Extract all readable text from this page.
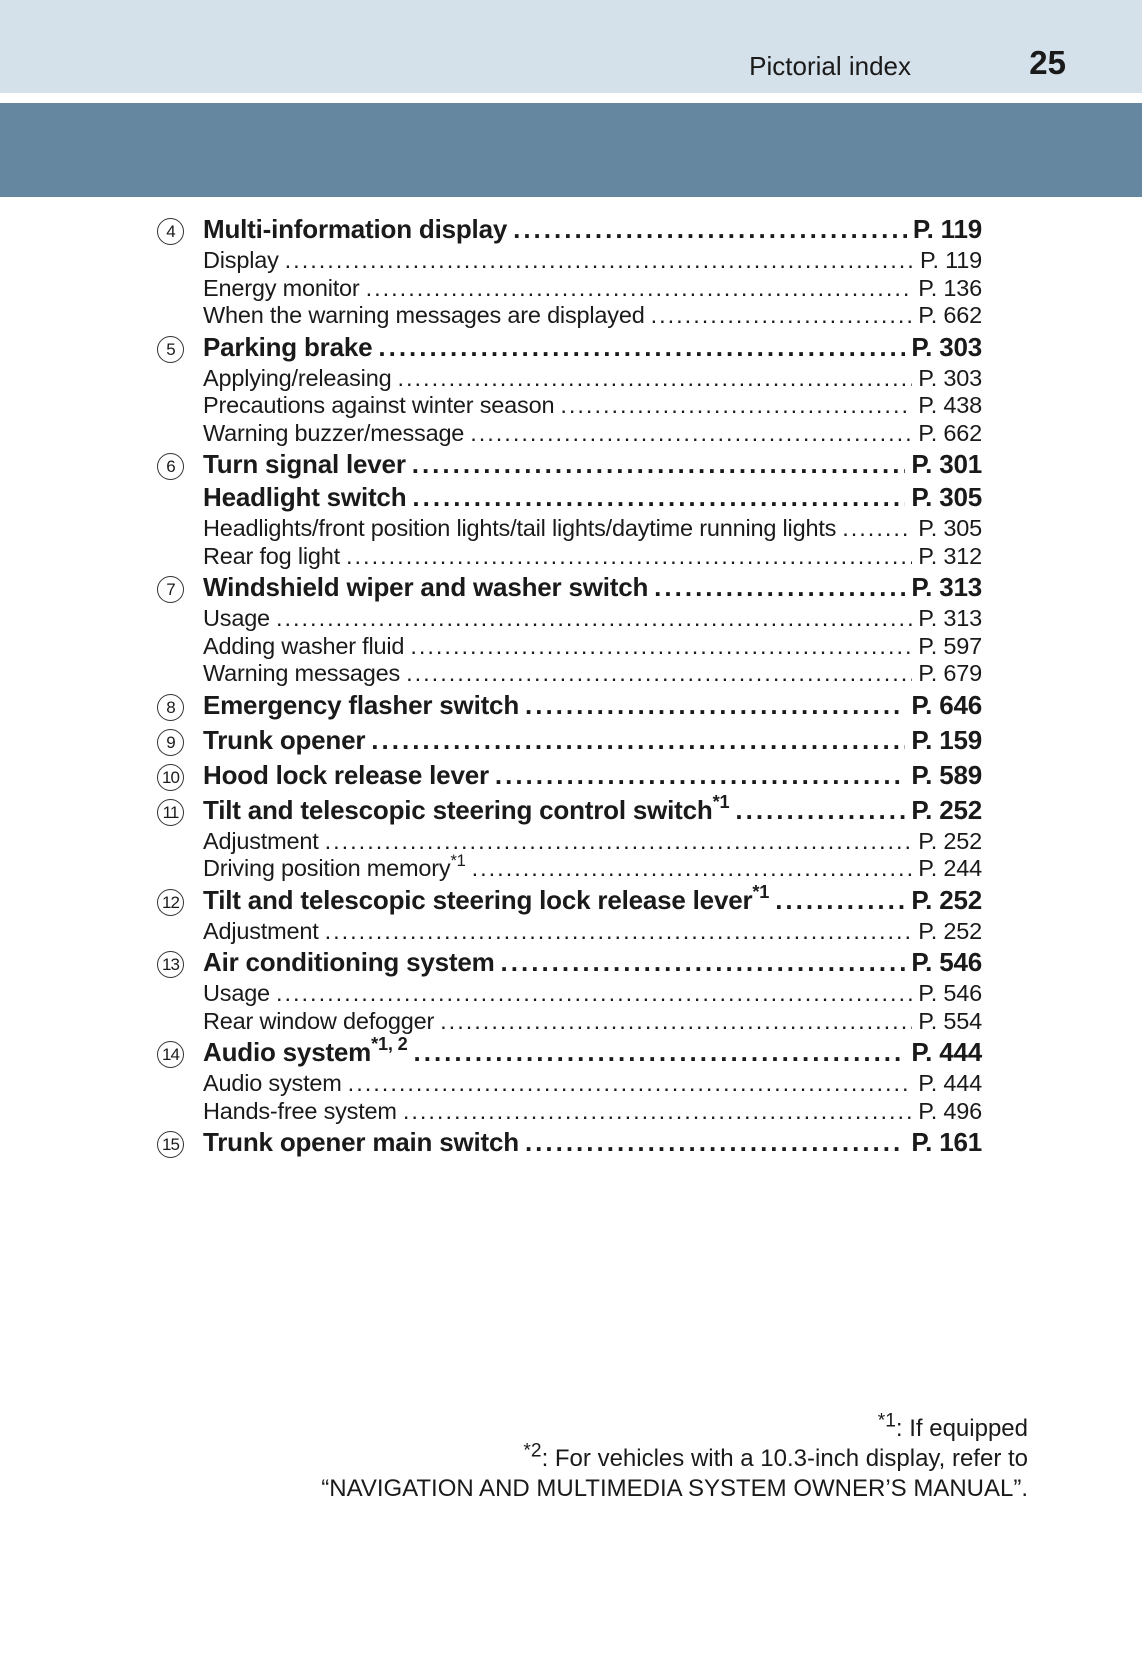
Pictorial index	25
4	Multi-information display .....	P. 119
Display .....	P. 119
Energy monitor .....	P. 136
When the warning messages are displayed .....	P. 662
5	Parking brake .....	P. 303
Applying/releasing .....	P. 303
Precautions against winter season .....	P. 438
Warning buzzer/message .....	P. 662
6	Turn signal lever .....	P. 301
Headlight switch .....	P. 305
Headlights/front position lights/tail lights/daytime running lights .....	P. 305
Rear fog light .....	P. 312
7	Windshield wiper and washer switch .....	P. 313
Usage .....	P. 313
Adding washer fluid .....	P. 597
Warning messages .....	P. 679
8	Emergency flasher switch .....	P. 646
9	Trunk opener .....	P. 159
10 Hood lock release lever .....	P. 589
11 Tilt and telescopic steering control switch$^{*1}$ .....	P. 252
Adjustment .....	P. 252
Driving position memory$^{*1}$ .....	P. 244
12 Tilt and telescopic steering lock release lever$^{*1}$ .....	P. 252
Adjustment .....	P. 252
13 Air conditioning system .....	P. 546
Usage .....	P. 546
Rear window defogger .....	P. 554
14 Audio system$^{*1, 2}$ .....	P. 444
Audio system .....	P. 444
Hands-free system .....	P. 496
15 Trunk opener main switch .....	P. 161
$^{*1}$: If equipped
$^{*2}$: For vehicles with a 10.3-inch display, refer to
“NAVIGATION AND MULTIMEDIA SYSTEM OWNER’S MANUAL”.
